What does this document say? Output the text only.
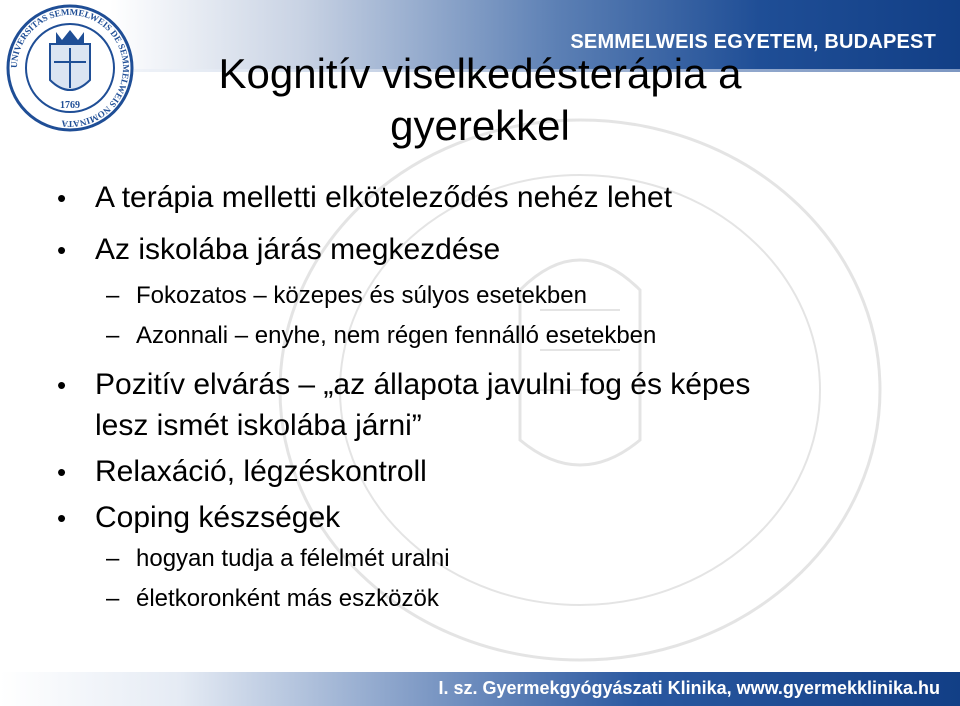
SEMMELWEIS EGYETEM, BUDAPEST
UNIVERSITAS SEMMELWEIS DE SEMMELWEIS NOMINATA
1769
Kognitív viselkedésterápia a
gyerekkel
• A terápia melletti elköteleződés nehéz lehet
• Az iskolába járás megkezdése
– Fokozatos – közepes és súlyos esetekben
– Azonnali – enyhe, nem régen fennálló esetekben
• Pozitív elvárás – „az állapota javulni fog és képes
lesz ismét iskolába járni”
• Relaxáció, légzéskontroll
• Coping készségek
– hogyan tudja a félelmét uralni
– életkoronként más eszközök
I. sz. Gyermekgyógyászati Klinika, www.gyermekklinika.hu
